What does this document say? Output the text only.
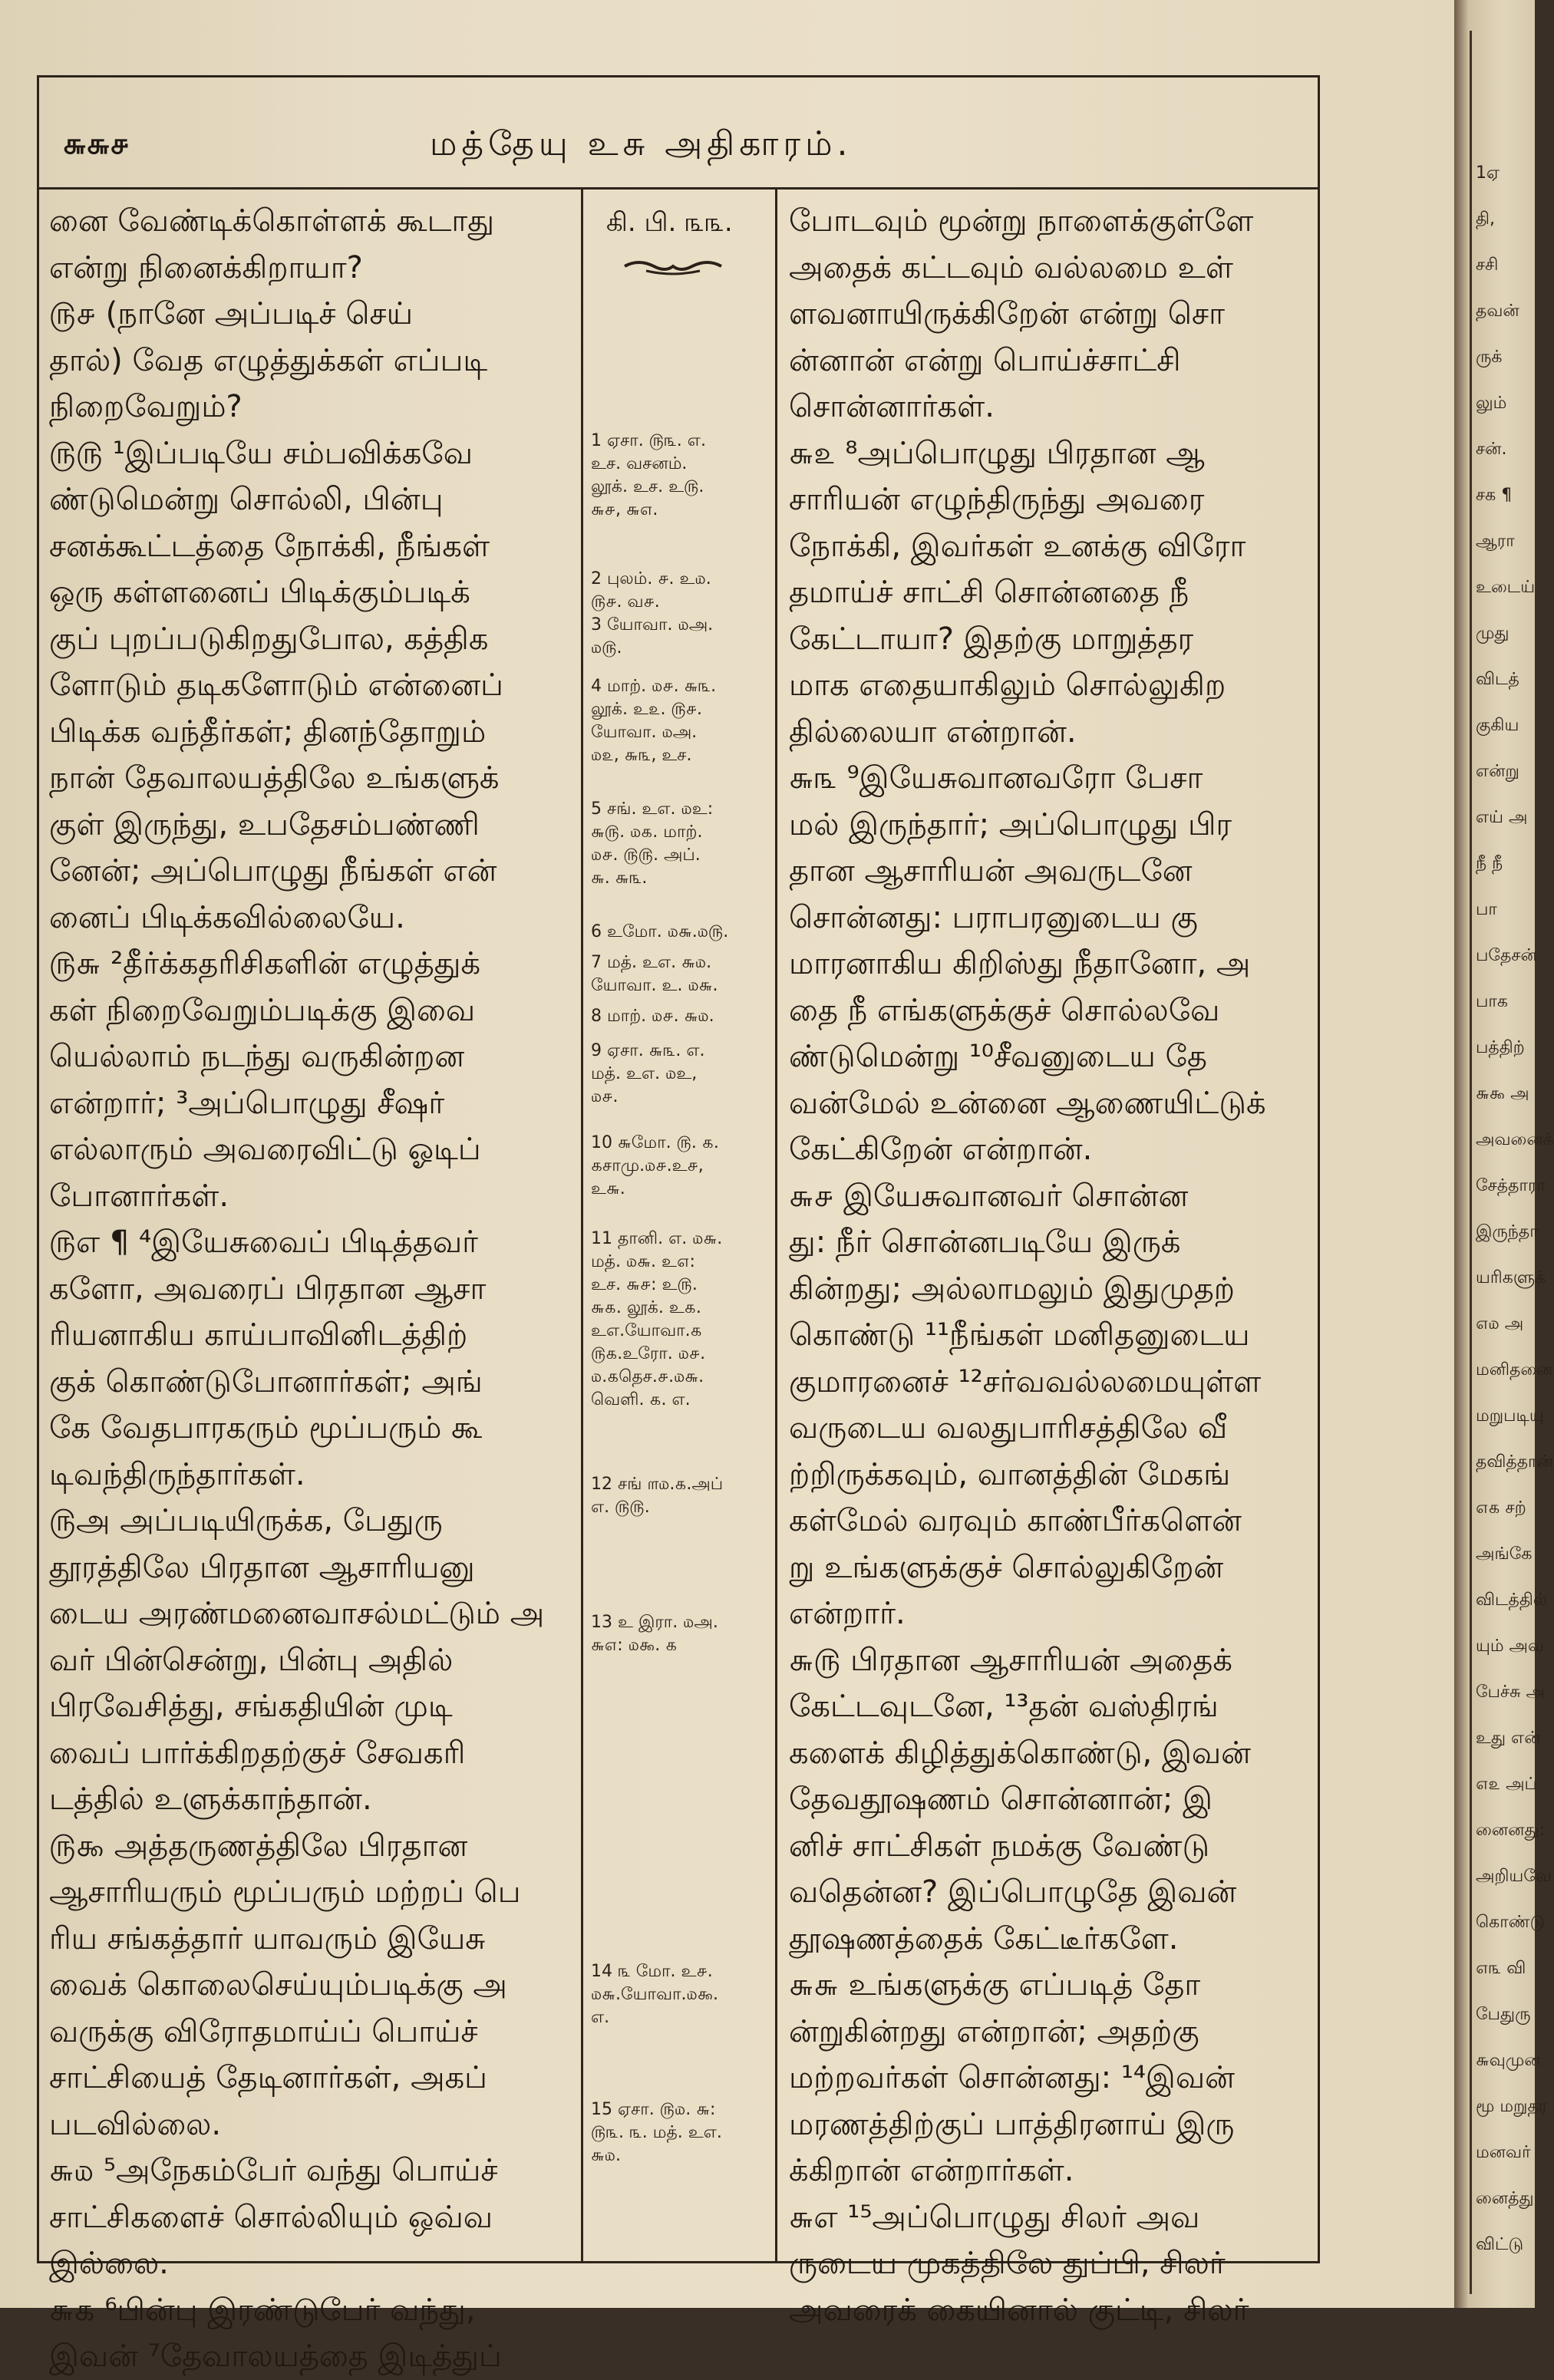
௬௬௪	மத்தேயு உசு அதிகாரம்.
னை வேண்டிக்கொள்ளக் கூடாது
என்று நினைக்கிறாயா?
௫௪ (நானே அப்படிச் செய்
தால்) வேத எழுத்துக்கள் எப்படி
நிறைவேறும்?
௫௫ ¹இப்படியே சம்பவிக்கவே
ண்டுமென்று சொல்லி, பின்பு
சனக்கூட்டத்தை நோக்கி, நீங்கள்
ஒரு கள்ளனைப் பிடிக்கும்படிக்
குப் புறப்படுகிறதுபோல, கத்திக
ளோடும் தடிகளோடும் என்னைப்
பிடிக்க வந்தீர்கள்; தினந்தோறும்
நான் தேவாலயத்திலே உங்களுக்
குள் இருந்து, உபதேசம்பண்ணி
னேன்; அப்பொழுது நீங்கள் என்
னைப் பிடிக்கவில்லையே.
௫௬ ²தீர்க்கதரிசிகளின் எழுத்துக்
கள் நிறைவேறும்படிக்கு இவை
யெல்லாம் நடந்து வருகின்றன
என்றார்; ³அப்பொழுது சீஷர்
எல்லாரும் அவரைவிட்டு ஓடிப்
போனார்கள்.
௫எ ¶ ⁴இயேசுவைப் பிடித்தவர்
களோ, அவரைப் பிரதான ஆசா
ரியனாகிய காய்பாவினிடத்திற்
குக் கொண்டுபோனார்கள்; அங்
கே வேதபாரகரும் மூப்பரும் கூ
டிவந்திருந்தார்கள்.
௫அ அப்படியிருக்க, பேதுரு
தூரத்திலே பிரதான ஆசாரியனு
டைய அரண்மனைவாசல்மட்டும் அ
வர் பின்சென்று, பின்பு அதில்
பிரவேசித்து, சங்கதியின் முடி
வைப் பார்க்கிறதற்குச் சேவகரி
டத்தில் உளுக்காந்தான்.
௫௯ அத்தருணத்திலே பிரதான
ஆசாரியரும் மூப்பரும் மற்றப் பெ
ரிய சங்கத்தார் யாவரும் இயேசு
வைக் கொலைசெய்யும்படிக்கு அ
வருக்கு விரோதமாய்ப் பொய்ச்
சாட்சியைத் தேடினார்கள், அகப்
படவில்லை.
௬௰ ⁵அநேகம்பேர் வந்து பொய்ச்
சாட்சிகளைச் சொல்லியும் ஒவ்வ
இல்லை.
௬௧ ⁶பின்பு இரண்டுபேர் வந்து,
இவன் ⁷தேவாலயத்தை இடித்துப்
போடவும் மூன்று நாளைக்குள்ளே
அதைக் கட்டவும் வல்லமை உள்
ளவனாயிருக்கிறேன் என்று சொ
ன்னான் என்று பொய்ச்சாட்சி
சொன்னார்கள்.
௬௨ ⁸அப்பொழுது பிரதான ஆ
சாரியன் எழுந்திருந்து அவரை
நோக்கி, இவர்கள் உனக்கு விரோ
தமாய்ச் சாட்சி சொன்னதை நீ
கேட்டாயா? இதற்கு மாறுத்தர
மாக எதையாகிலும் சொல்லுகிற
தில்லையா என்றான்.
௬௩ ⁹இயேசுவானவரோ பேசா
மல் இருந்தார்; அப்பொழுது பிர
தான ஆசாரியன் அவருடனே
சொன்னது: பராபரனுடைய கு
மாரனாகிய கிறிஸ்து நீதானோ, அ
தை நீ எங்களுக்குச் சொல்லவே
ண்டுமென்று ¹⁰சீவனுடைய தே
வன்மேல் உன்னை ஆணையிட்டுக்
கேட்கிறேன் என்றான்.
௬௪ இயேசுவானவர் சொன்ன
து: நீர் சொன்னபடியே இருக்
கின்றது; அல்லாமலும் இதுமுதற்
கொண்டு ¹¹நீங்கள் மனிதனுடைய
குமாரனைச் ¹²சர்வவல்லமையுள்ள
வருடைய வலதுபாரிசத்திலே வீ
ற்றிருக்கவும், வானத்தின் மேகங்
கள்மேல் வரவும் காண்பீர்களென்
று உங்களுக்குச் சொல்லுகிறேன்
என்றார்.
௬௫ பிரதான ஆசாரியன் அதைக்
கேட்டவுடனே, ¹³தன் வஸ்திரங்
களைக் கிழித்துக்கொண்டு, இவன்
தேவதூஷணம் சொன்னான்; இ
னிச் சாட்சிகள் நமக்கு வேண்டு
வதென்ன? இப்பொழுதே இவன்
தூஷணத்தைக் கேட்டீர்களே.
௬௬ உங்களுக்கு எப்படித் தோ
ன்றுகின்றது என்றான்; அதற்கு
மற்றவர்கள் சொன்னது: ¹⁴இவன்
மரணத்திற்குப் பாத்திரனாய் இரு
க்கிறான் என்றார்கள்.
௬எ ¹⁵அப்பொழுது சிலர் அவ
ருடைய முகத்திலே துப்பி, சிலர்
அவரைக் கையினால் குட்டி, சிலர்
கி. பி. ௩௩.
1 ஏசா. ௫௩. எ.
உச. வசனம்.
லூக். உச. உ௫.
௬௪, ௬௭.
2 புலம். ௪. உ௰.
௫௪. வ௪.
3 யோவா. ௰அ.
௰௫.
4 மாற். ௰௪. ௬௩.
லூக். உ௨. ௫௪.
யோவா. ௰அ.
௰௨, ௬௩, உச.
5 சங். உஎ. ௰உ:
௬௫. ௰௧. மாற்.
௰௪. ௫௫. அப்.
௬. ௬௩.
6 உமோ. ௰௬.௰௫.
7 மத். உஎ. ௬௰.
யோவா. உ. ௰௬.
8 மாற். ௰௪. ௬௰.
9 ஏசா. ௬௩. எ.
மத். உஎ. ௰உ,
௰௪.
10 ௬மோ. ௫. ௧.
௧சாமு.௰௪.உ௪,
உ௬.
11 தானி. எ. ௰௬.
மத். ௰௬. உ௭:
உச. ௬௪: உ௫.
௬௧. லூக். உ௧.
உஎ.யோவா.௧
௫௧.உரோ. ௰௪.
௰.௧தெச.௪.௰௬.
வெளி. ௧. எ.
12 சங் ௱௰.௧.அப்
எ. ௫௫.
13 உ இரா. ௰அ.
௬௭: ௰௯. ௧
14 ௩ மோ. உ௪.
௰௬.யோவா.௰௯.
எ.
15 ஏசா. ௫௰. ௬:
௫௩. ௩. மத். உஎ.
௬௰.
1ஏ
தி,
சசி
தவன்
ருக்
லும்
சன்.
சக ¶
ஆரா
உடைய்
முது
விடத்
குகிய
என்று
எய் அ
நீ நீ
பா
பதேசன்
பாக
பத்திற்
௬௯ அ
அவனைக்
சேத்தாரா
இருந்தா
யரிகளுக்
௭௰ அ
மனிதனை
மறுபடியு
தவித்தான்
௭௧ சற்
அங்கே
விடத்தில்
யும் அவ
பேச்சு அ
உது என்
௭௨ அப்
னைனது:
அறியவே
கொண்டு
௭௩ வி
பேதுரு
௬வுமுன
மூ மறுதர
மனவர்
னைத்து
விட்டு
